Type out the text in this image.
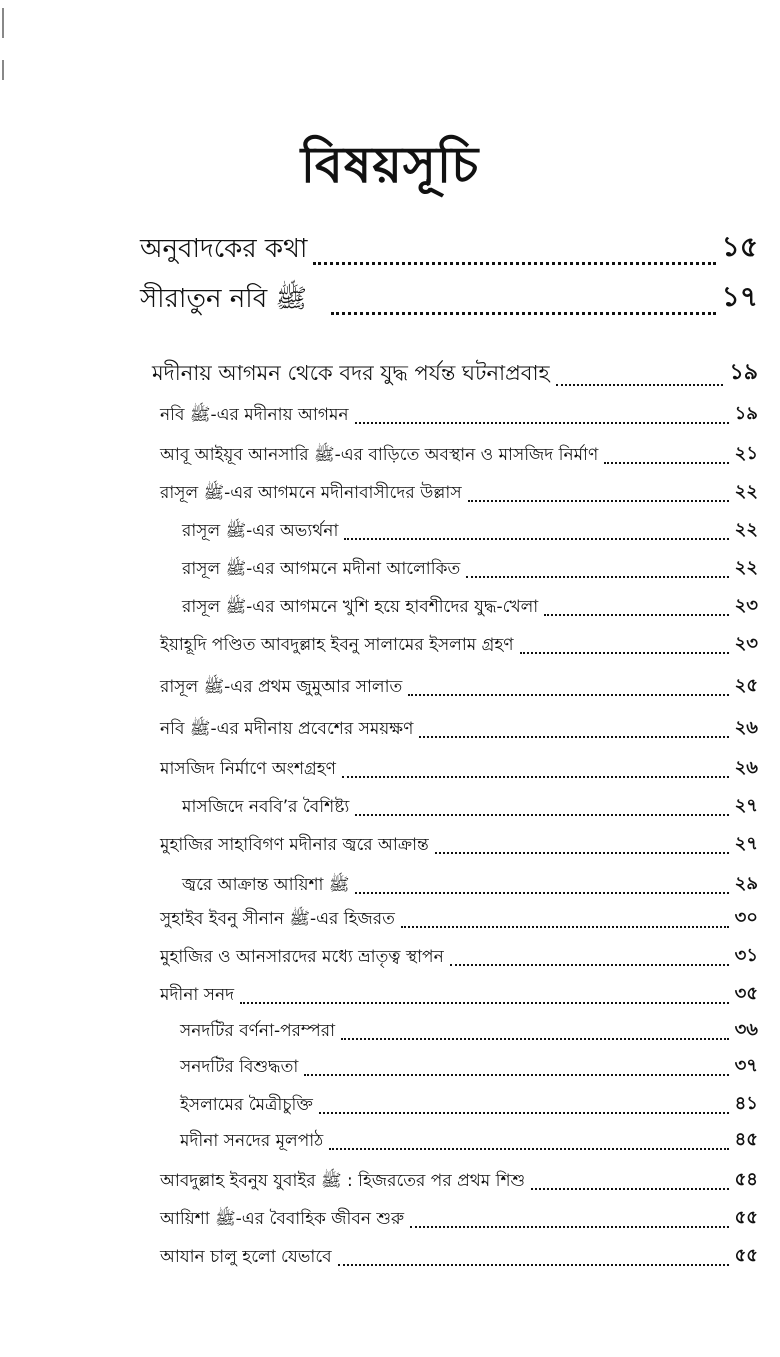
বিষয়সূচি
অনুবাদকের কথা	১৫
সীরাতুন নবি ﷺ	১৭
মদীনায় আগমন থেকে বদর যুদ্ধ পর্যন্ত ঘটনাপ্রবাহ	১৯
নবি ﷺ-এর মদীনায় আগমন	১৯
আবূ আইয়ূব আনসারি ﷺ-এর বাড়িতে অবস্থান ও মাসজিদ নির্মাণ	২১
রাসূল ﷺ-এর আগমনে মদীনাবাসীদের উল্লাস	২২
রাসূল ﷺ-এর অভ্যর্থনা	২২
রাসূল ﷺ-এর আগমনে মদীনা আলোকিত	২২
রাসূল ﷺ-এর আগমনে খুশি হয়ে হাবশীদের যুদ্ধ-খেলা	২৩
ইয়াহূদি পণ্ডিত আবদুল্লাহ ইবনু সালামের ইসলাম গ্রহণ	২৩
রাসূল ﷺ-এর প্রথম জুমুআর সালাত	২৫
নবি ﷺ-এর মদীনায় প্রবেশের সময়ক্ষণ	২৬
মাসজিদ নির্মাণে অংশগ্রহণ	২৬
মাসজিদে নববি’র বৈশিষ্ট্য	২৭
মুহাজির সাহাবিগণ মদীনার জ্বরে আক্রান্ত	২৭
জ্বরে আক্রান্ত আয়িশা ﷺ	২৯
সুহাইব ইবনু সীনান ﷺ-এর হিজরত	৩০
মুহাজির ও আনসারদের মধ্যে ভ্রাতৃত্ব স্থাপন	৩১
মদীনা সনদ	৩৫
সনদটির বর্ণনা-পরম্পরা	৩৬
সনদটির বিশুদ্ধতা	৩৭
ইসলামের মৈত্রীচুক্তি	৪১
মদীনা সনদের মূলপাঠ	৪৫
আবদুল্লাহ ইবনুয যুবাইর ﷺ : হিজরতের পর প্রথম শিশু	৫৪
আয়িশা ﷺ-এর বৈবাহিক জীবন শুরু	৫৫
আযান চালু হলো যেভাবে	৫৫
